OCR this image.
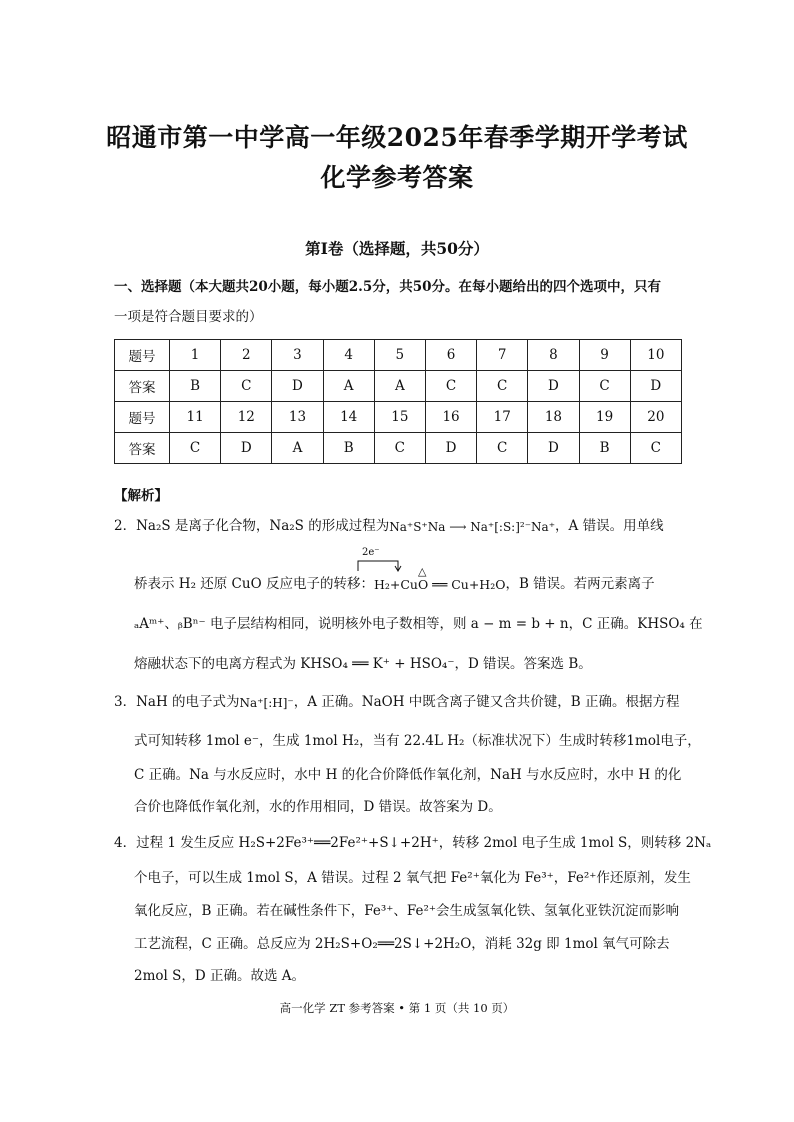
昭通市第一中学高一年级2025年春季学期开学考试
化学参考答案
第Ⅰ卷（选择题，共50分）
一、选择题（本大题共20小题，每小题2.5分，共50分。在每小题给出的四个选项中，只有
一项是符合题目要求的）
题号	1	2	3	4	5	6	7	8	9	10
答案	B	C	D	A	A	C	C	D	C	D
题号	11	12	13	14	15	16	17	18	19	20
答案	C	D	A	B	C	D	C	D	B	C
【解析】
2．Na₂S 是离子化合物，Na₂S 的形成过程为Na⁺S⁺Na ⟶ Na⁺[:S:]²⁻Na⁺，A 错误。用单线
2e⁻
△
桥表示 H₂ 还原 CuO 反应电子的转移：H₂+CuO ══ Cu+H₂O，B 错误。若两元素离子
ₐAᵐ⁺、ᵦBⁿ⁻ 电子层结构相同，说明核外电子数相等，则 a − m = b + n，C 正确。KHSO₄ 在
熔融状态下的电离方程式为 KHSO₄ ══ K⁺ + HSO₄⁻，D 错误。答案选 B。
3．NaH 的电子式为Na⁺[:H]⁻，A 正确。NaOH 中既含离子键又含共价键，B 正确。根据方程
式可知转移 1mol e⁻，生成 1mol H₂，当有 22.4L H₂（标准状况下）生成时转移1mol电子，
C 正确。Na 与水反应时，水中 H 的化合价降低作氧化剂，NaH 与水反应时，水中 H 的化
合价也降低作氧化剂，水的作用相同，D 错误。故答案为 D。
4．过程 1 发生反应 H₂S+2Fe³⁺══2Fe²⁺+S↓+2H⁺，转移 2mol 电子生成 1mol S，则转移 2Nₐ
个电子，可以生成 1mol S，A 错误。过程 2 氧气把 Fe²⁺氧化为 Fe³⁺，Fe²⁺作还原剂，发生
氧化反应，B 正确。若在碱性条件下，Fe³⁺、Fe²⁺会生成氢氧化铁、氢氧化亚铁沉淀而影响
工艺流程，C 正确。总反应为 2H₂S+O₂══2S↓+2H₂O，消耗 32g 即 1mol 氧气可除去
2mol S，D 正确。故选 A。
高一化学 ZT 参考答案 • 第 1 页（共 10 页）
